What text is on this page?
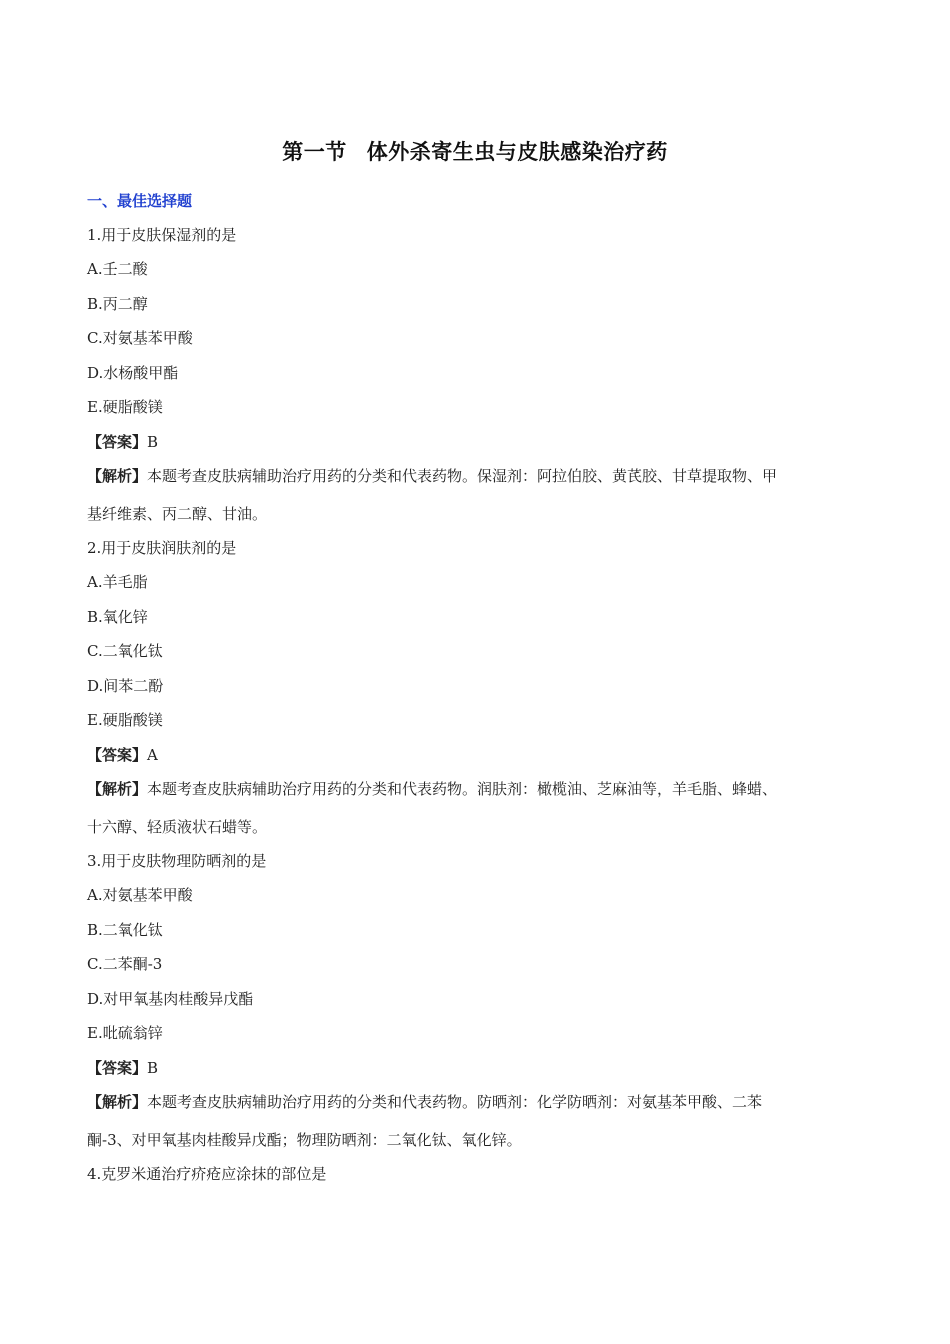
第一节 体外杀寄生虫与皮肤感染治疗药
一、最佳选择题
1.用于皮肤保湿剂的是
A.壬二酸
B.丙二醇
C.对氨基苯甲酸
D.水杨酸甲酯
E.硬脂酸镁
【答案】B
【解析】本题考查皮肤病辅助治疗用药的分类和代表药物。保湿剂：阿拉伯胶、黄芪胶、甘草提取物、甲
基纤维素、丙二醇、甘油。
2.用于皮肤润肤剂的是
A.羊毛脂
B.氧化锌
C.二氧化钛
D.间苯二酚
E.硬脂酸镁
【答案】A
【解析】本题考查皮肤病辅助治疗用药的分类和代表药物。润肤剂：橄榄油、芝麻油等，羊毛脂、蜂蜡、
十六醇、轻质液状石蜡等。
3.用于皮肤物理防晒剂的是
A.对氨基苯甲酸
B.二氧化钛
C.二苯酮-3
D.对甲氧基肉桂酸异戊酯
E.吡硫翁锌
【答案】B
【解析】本题考查皮肤病辅助治疗用药的分类和代表药物。防晒剂：化学防晒剂：对氨基苯甲酸、二苯
酮-3、对甲氧基肉桂酸异戊酯；物理防晒剂：二氧化钛、氧化锌。
4.克罗米通治疗疥疮应涂抹的部位是
